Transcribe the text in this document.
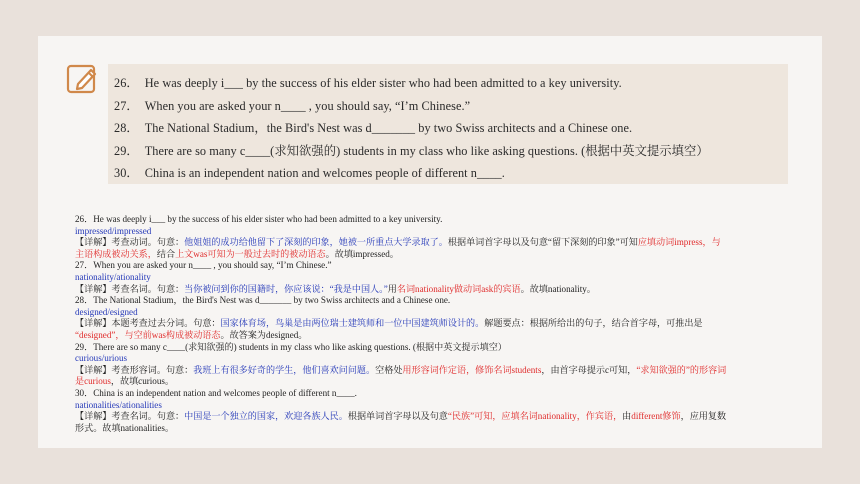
26． He was deeply i___ by the success of his elder sister who had been admitted to a key university.
27． When you are asked your n____ , you should say, “I’m Chinese.”
28． The National Stadium，the Bird's Nest was d_______ by two Swiss architects and a Chinese one.
29． There are so many c____(求知欲强的) students in my class who like asking questions. (根据中英文提示填空）
30． China is an independent nation and welcomes people of different n____.
26．He was deeply i___ by the success of his elder sister who had been admitted to a key university.
impressed/impressed
【详解】考查动词。句意：他姐姐的成功给他留下了深刻的印象，她被一所重点大学录取了。根据单词首字母以及句意“留下深刻的印象”可知应填动词impress，与
主语构成被动关系，结合上文was可知为一般过去时的被动语态。故填impressed。
27．When you are asked your n____ , you should say, “I’m Chinese.”
nationality/ationality
【详解】考查名词。句意：当你被问到你的国籍时，你应该说：“我是中国人。”用名词nationality做动词ask的宾语。故填nationality。
28．The National Stadium，the Bird's Nest was d_______ by two Swiss architects and a Chinese one.
designed/esigned
【详解】本题考查过去分词。句意：国家体育场，鸟巢是由两位瑞士建筑师和一位中国建筑师设计的。解题要点：根据所给出的句子，结合首字母，可推出是
“designed”，与空前was构成被动语态。故答案为designed。
29．There are so many c____(求知欲强的) students in my class who like asking questions. (根据中英文提示填空）
curious/urious
【详解】考查形容词。句意：我班上有很多好奇的学生，他们喜欢问问题。空格处用形容词作定语，修饰名词students，由首字母提示c可知，“求知欲强的”的形容词
是curious，故填curious。
30．China is an independent nation and welcomes people of different n____.
nationalities/ationalities
【详解】考查名词。句意：中国是一个独立的国家，欢迎各族人民。根据单词首字母以及句意“民族”可知，应填名词nationality，作宾语，由different修饰，应用复数
形式。故填nationalities。
